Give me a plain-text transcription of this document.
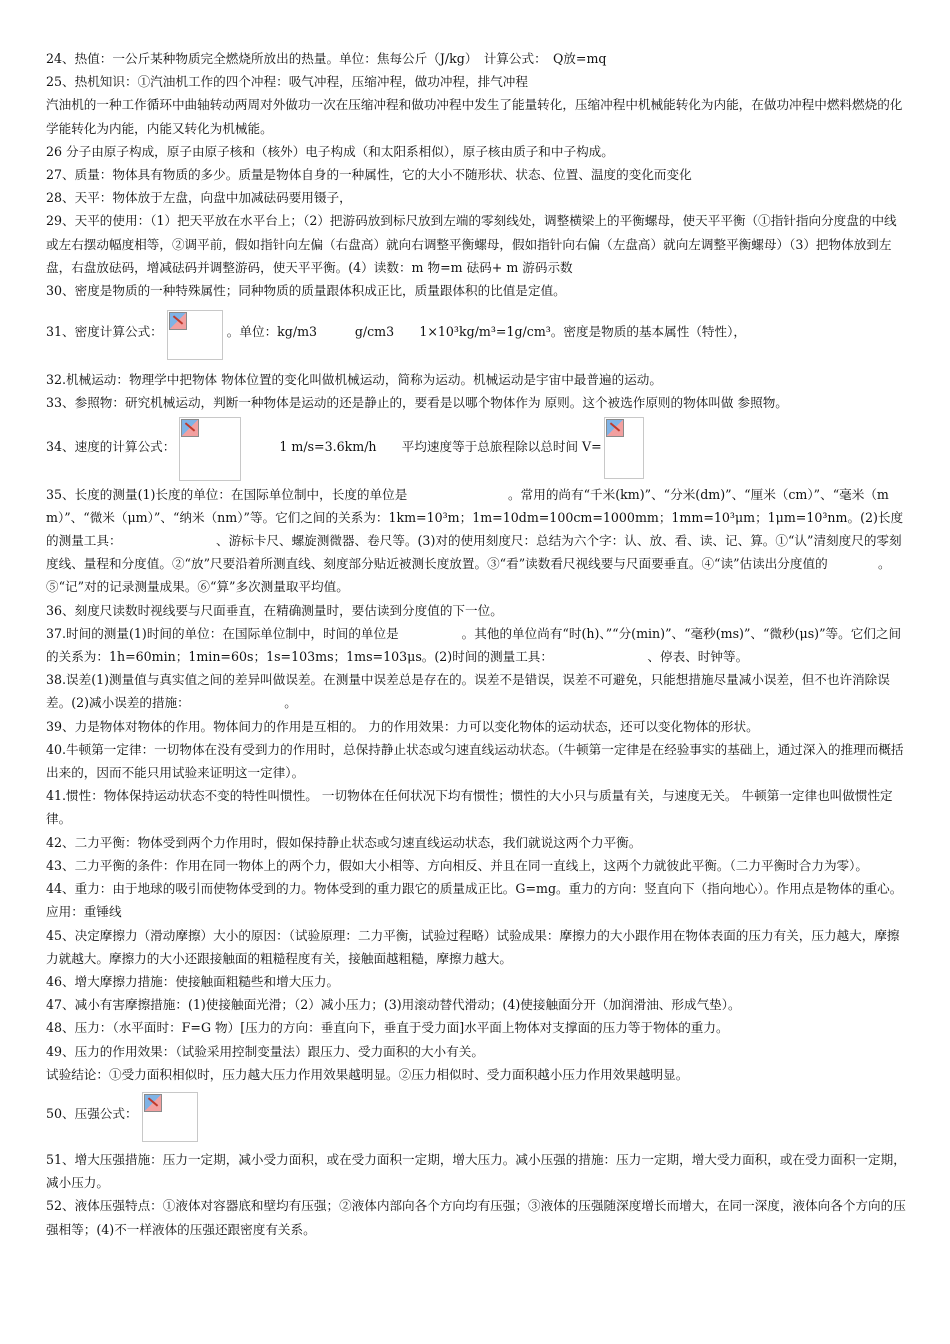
24、热值：一公斤某种物质完全燃烧所放出的热量。单位：焦每公斤（J/kg）　计算公式：　Q放=mq

25、热机知识：①汽油机工作的四个冲程：吸气冲程，压缩冲程，做功冲程，排气冲程

汽油机的一种工作循环中曲轴转动两周对外做功一次在压缩冲程和做功冲程中发生了能量转化，压缩冲程中机械能转化为内能，在做功冲程中燃料燃烧的化学能转化为内能，内能又转化为机械能。

26 分子由原子构成，原子由原子核和（核外）电子构成（和太阳系相似），原子核由质子和中子构成。

27、质量：物体具有物质的多少。质量是物体自身的一种属性，它的大小不随形状、状态、位置、温度的变化而变化

28、天平：物体放于左盘，向盘中加减砝码要用镊子，

29、天平的使用：（1）把天平放在水平台上；（2）把游码放到标尺放到左端的零刻线处，调整横梁上的平衡螺母，使天平平衡（①指针指向分度盘的中线或左右摆动幅度相等，②调平前，假如指针向左偏（右盘高）就向右调整平衡螺母，假如指针向右偏（左盘高）就向左调整平衡螺母）（3）把物体放到左盘，右盘放砝码，增减砝码并调整游码，使天平平衡。(4）读数：m 物=m 砝码+ m 游码示数

30、密度是物质的一种特殊属性；同种物质的质量跟体积成正比，质量跟体积的比值是定值。

31、密度计算公式：	。单位：kg/m3　　　g/cm3　　1×10³kg/m³=1g/cm³。密度是物质的基本属性（特性），

32.机械运动：物理学中把物体 物体位置的变化叫做机械运动，简称为运动。机械运动是宇宙中最普遍的运动。

33、参照物：研究机械运动，判断一种物体是运动的还是静止的，要看是以哪个物体作为 原则。这个被选作原则的物体叫做 参照物。

34、速度的计算公式：	1 m/s=3.6km/h　　平均速度等于总旅程除以总时间 V=

35、长度的测量(1)长度的单位：在国际单位制中，长度的单位是　　　　　　　　。常用的尚有“千米(km)”、“分米(dm)”、“厘米（cm）”、“毫米（mm）”、“微米（μm）”、“纳米（nm）”等。它们之间的关系为：1km=10³m；1m=10dm=100cm=1000mm；1mm=10³μm；1μm=10³nm。(2)长度的测量工具：　　　　　　　　、游标卡尺、螺旋测微器、卷尺等。(3)对的使用刻度尺：总结为六个字：认、放、看、读、记、算。①“认”清刻度尺的零刻度线、量程和分度值。②“放”尺要沿着所测直线、刻度部分贴近被测长度放置。③“看”读数看尺视线要与尺面要垂直。④“读”估读出分度值的　　　　。⑤“记”对的记录测量成果。⑥“算”多次测量取平均值。

36、刻度尺读数时视线要与尺面垂直，在精确测量时，要估读到分度值的下一位。

37.时间的测量(1)时间的单位：在国际单位制中，时间的单位是　　　　　。其他的单位尚有“时(h)、”“分(min)”、“毫秒(ms)”、“微秒(μs)”等。它们之间的关系为：1h=60min；1min=60s；1s=103ms；1ms=103μs。(2)时间的测量工具：　　　　　　　　、停表、时钟等。

38.误差(1)测量值与真实值之间的差异叫做误差。在测量中误差总是存在的。误差不是错误，误差不可避免，只能想措施尽量减小误差，但不也许消除误差。(2)减小误差的措施：　　　　　　　　。

39、力是物体对物体的作用。物体间力的作用是互相的。 力的作用效果：力可以变化物体的运动状态，还可以变化物体的形状。

40.牛顿第一定律：一切物体在没有受到力的作用时，总保持静止状态或匀速直线运动状态。（牛顿第一定律是在经验事实的基础上，通过深入的推理而概括出来的，因而不能只用试验来证明这一定律）。

41.惯性：物体保持运动状态不变的特性叫惯性。 一切物体在任何状况下均有惯性；惯性的大小只与质量有关，与速度无关。 牛顿第一定律也叫做惯性定律。

42、二力平衡：物体受到两个力作用时，假如保持静止状态或匀速直线运动状态，我们就说这两个力平衡。

43、二力平衡的条件：作用在同一物体上的两个力，假如大小相等、方向相反、并且在同一直线上，这两个力就彼此平衡。（二力平衡时合力为零）。

44、重力：由于地球的吸引而使物体受到的力。物体受到的重力跟它的质量成正比。G=mg。重力的方向：竖直向下（指向地心）。作用点是物体的重心。应用：重锤线

45、决定摩擦力（滑动摩擦）大小的原因：（试验原理：二力平衡，试验过程略）试验成果：摩擦力的大小跟作用在物体表面的压力有关，压力越大，摩擦力就越大。摩擦力的大小还跟接触面的粗糙程度有关，接触面越粗糙，摩擦力越大。

46、增大摩擦力措施：使接触面粗糙些和增大压力。

47、减小有害摩擦措施：(1)使接触面光滑；（2）减小压力；(3)用滚动替代滑动；(4)使接触面分开（加润滑油、形成气垫）。

48、压力：（水平面时：F=G 物）[压力的方向：垂直向下，垂直于受力面]水平面上物体对支撑面的压力等于物体的重力。

49、压力的作用效果：（试验采用控制变量法）跟压力、受力面积的大小有关。

试验结论：①受力面积相似时，压力越大压力作用效果越明显。②压力相似时、受力面积越小压力作用效果越明显。

50、压强公式：

51、增大压强措施：压力一定期，减小受力面积，或在受力面积一定期，增大压力。减小压强的措施：压力一定期，增大受力面积，或在受力面积一定期，减小压力。

52、液体压强特点：①液体对容器底和壁均有压强；②液体内部向各个方向均有压强；③液体的压强随深度增长而增大，在同一深度，液体向各个方向的压强相等；(4)不一样液体的压强还跟密度有关系。
